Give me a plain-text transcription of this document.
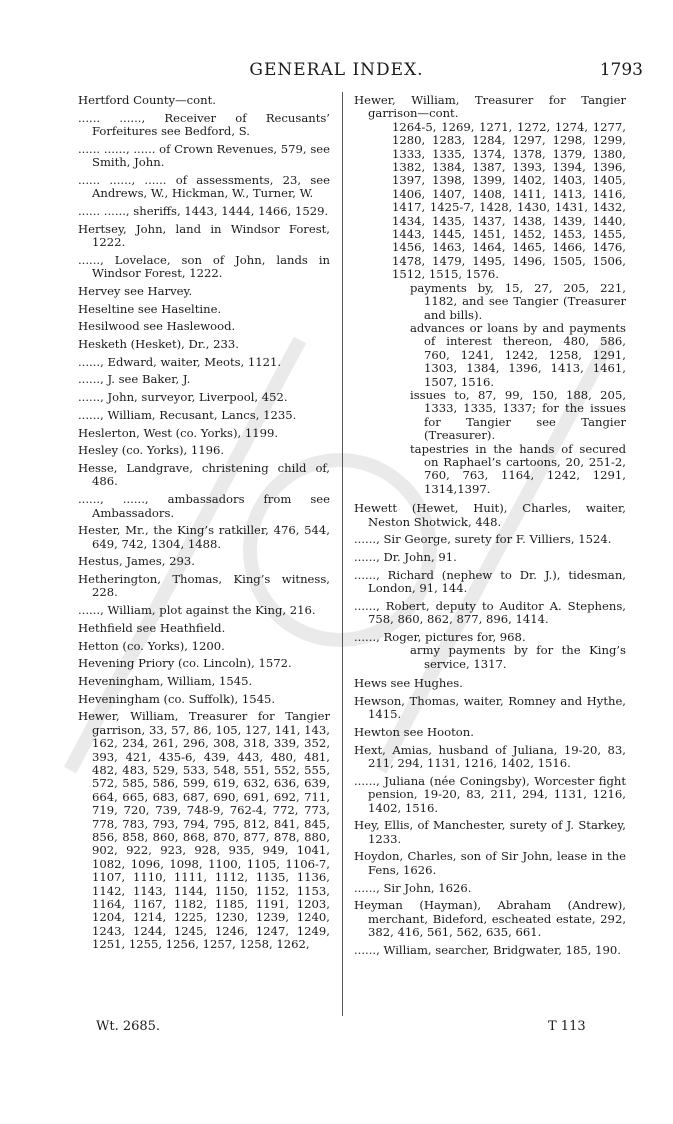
GENERAL INDEX.	1793

Hertford County—cont.

...... ......, Receiver of Recusants’ Forfeitures see Bedford, S.

...... ......, ...... of Crown Revenues, 579, see Smith, John.

...... ......, ...... of assessments, 23, see Andrews, W., Hickman, W., Turner, W.

...... ......, sheriffs, 1443, 1444, 1466, 1529.

Hertsey, John, land in Windsor Forest, 1222.

......, Lovelace, son of John, lands in Windsor Forest, 1222.

Hervey see Harvey.

Heseltine see Haseltine.

Hesilwood see Haslewood.

Hesketh (Hesket), Dr., 233.

......, Edward, waiter, Meots, 1121.

......, J. see Baker, J.

......, John, surveyor, Liverpool, 452.

......, William, Recusant, Lancs, 1235.

Heslerton, West (co. Yorks), 1199.

Hesley (co. Yorks), 1196.

Hesse, Landgrave, christening child of, 486.

......, ......, ambassadors from see Ambassadors.

Hester, Mr., the King’s ratkiller, 476, 544, 649, 742, 1304, 1488.

Hestus, James, 293.

Hetherington, Thomas, King’s witness, 228.

......, William, plot against the King, 216.

Hethfield see Heathfield.

Hetton (co. Yorks), 1200.

Hevening Priory (co. Lincoln), 1572.

Heveningham, William, 1545.

Heveningham (co. Suffolk), 1545.

Hewer, William, Treasurer for Tangier garrison, 33, 57, 86, 105, 127, 141, 143, 162, 234, 261, 296, 308, 318, 339, 352, 393, 421, 435-6, 439, 443, 480, 481, 482, 483, 529, 533, 548, 551, 552, 555, 572, 585, 586, 599, 619, 632, 636, 639, 664, 665, 683, 687, 690, 691, 692, 711, 719, 720, 739, 748-9, 762-4, 772, 773, 778, 783, 793, 794, 795, 812, 841, 845, 856, 858, 860, 868, 870, 877, 878, 880, 902, 922, 923, 928, 935, 949, 1041, 1082, 1096, 1098, 1100, 1105, 1106-7, 1107, 1110, 1111, 1112, 1135, 1136, 1142, 1143, 1144, 1150, 1152, 1153, 1164, 1167, 1182, 1185, 1191, 1203, 1204, 1214, 1225, 1230, 1239, 1240, 1243, 1244, 1245, 1246, 1247, 1249, 1251, 1255, 1256, 1257, 1258, 1262,

Hewer, William, Treasurer for Tangier garrison—cont.

1264-5, 1269, 1271, 1272, 1274, 1277, 1280, 1283, 1284, 1297, 1298, 1299, 1333, 1335, 1374, 1378, 1379, 1380, 1382, 1384, 1387, 1393, 1394, 1396, 1397, 1398, 1399, 1402, 1403, 1405, 1406, 1407, 1408, 1411, 1413, 1416, 1417, 1425-7, 1428, 1430, 1431, 1432, 1434, 1435, 1437, 1438, 1439, 1440, 1443, 1445, 1451, 1452, 1453, 1455, 1456, 1463, 1464, 1465, 1466, 1476, 1478, 1479, 1495, 1496, 1505, 1506, 1512, 1515, 1576.

payments by, 15, 27, 205, 221, 1182, and see Tangier (Treasurer and bills).

advances or loans by and payments of interest thereon, 480, 586, 760, 1241, 1242, 1258, 1291, 1303, 1384, 1396, 1413, 1461, 1507, 1516.

issues to, 87, 99, 150, 188, 205, 1333, 1335, 1337; for the issues for Tangier see Tangier (Treasurer).

tapestries in the hands of secured on Raphael’s cartoons, 20, 251-2, 760, 763, 1164, 1242, 1291, 1314,1397.

Hewett (Hewet, Huit), Charles, waiter, Neston Shotwick, 448.

......, Sir George, surety for F. Villiers, 1524.

......, Dr. John, 91.

......, Richard (nephew to Dr. J.), tidesman, London, 91, 144.

......, Robert, deputy to Auditor A. Stephens, 758, 860, 862, 877, 896, 1414.

......, Roger, pictures for, 968.

army payments by for the King’s service, 1317.

Hews see Hughes.

Hewson, Thomas, waiter, Romney and Hythe, 1415.

Hewton see Hooton.

Hext, Amias, husband of Juliana, 19-20, 83, 211, 294, 1131, 1216, 1402, 1516.

......, Juliana (née Coningsby), Worcester fight pension, 19-20, 83, 211, 294, 1131, 1216, 1402, 1516.

Hey, Ellis, of Manchester, surety of J. Starkey, 1233.

Hoydon, Charles, son of Sir John, lease in the Fens, 1626.

......, Sir John, 1626.

Heyman (Hayman), Abraham (Andrew), merchant, Bideford, escheated estate, 292, 382, 416, 561, 562, 635, 661.

......, William, searcher, Bridgwater, 185, 190.

Wt. 2685.	T 113
